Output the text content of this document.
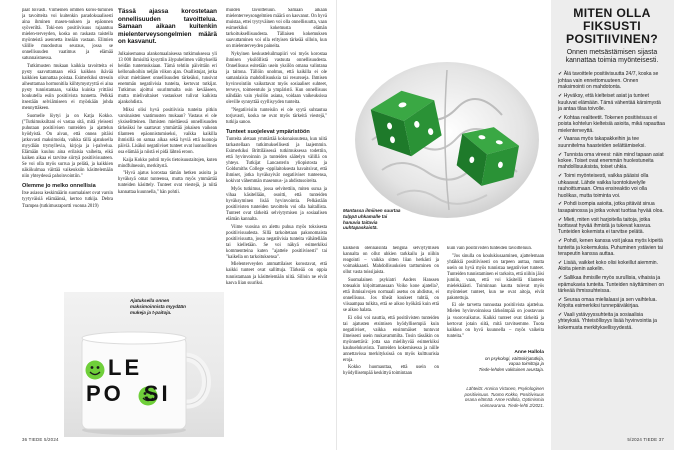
paat loivasti. Viimeinen ommen koros-tuminen ja tavoitteita voi kuitenkin paradoksaalisesti aina ihminen masen-nuksen ja epäonnen syöveriltä. Toki-nen positiivisuus rajaantuu mielen-terveyden, koska on raskasta taistella myönteistä asennetta itseään vastaan. Elimien välille muodostuu seuraus, jossa se onnellisuuden vaatimus ja elämää satunnaistuessa.

Tutkimusten mukaan kaikkia tavoitteita ei pysty saavuttamaan eikä kaikkea ikävää kaikkien kannattaa poistaa. Esimerkiksi stressin aiheuttamaa hormonitila kiihtymystyyttä ei aina pysty tunnistamaan, vaikka kuinka yrittäisi houkutella esiin positiivista tunnetta. Pelkkä itsestään selviämiseen ei myöskään johda mennyttäkeen.

Suomelle löytyi ja on Katja Kokko. ("Tutkimuksiltani ei vastaa sitä, mitä yleisesti puhutaan positiivisen tunteiden ja ajattelun hyödyistä. On aivan, että onnea pitäisi jatkuvasti maksimoida, vaikka tällä ajatuksella myydään trymyllevia, kirjoja ja i-palvelua. Elämään kuuluu aina erilaisia vaiheita, eikä kaiken aikaa ei tarvitse siirtyä positiivisuuteen. Se voi olla myös surrua ja pelätä, ja kaikkien näkökulmaa väittää vaikeuksiin käsittelemään niin yhteydessä pahoinvointiin."

Olemme jo melko onnellisia

Itse asiassa keskimäärin suomalaiset ovat varsin tyytyväisiä elämäänsä, kertoo tutkija. Debra Trampea (tutkimusraportti vuonna 2019)

Tässä ajassa korostetaan onnellisuuden tavoittelua. Samaan aikaan kuitenkin mielenterveysongelmien määrä on kasvanut.

Julkaisemansa alankomaalaisessa tutkimuksessa yli 13 000 ihmisiltä kysyttiin älypuhelimen välityksellä heidän tuntemuksiaan. Tämä tehtiin päivittäin eri kellonaikoihin neljän viikon ajan. Osallistujat, jotka olivat mieltäneet onnellisuuden tärkeäksi, tunsivat enemmän negatiivisia tunteita, kertovat tutkijat. Tutkimus ajoittui suurimmalta osin kevääseen, mutta mielivaltaiset vastaukset tulivat kaikista ajankohdista.

Miksi olisi hyvä positiivisia tunteita pitkin varsinaisten vaatimusten mukaan? Vastaus ei ole yksiselitteinen. Ihmisten mieltäessä onnellisuuden tärkeäksi he saattavat ymmärtää jokaisen vaikean tilanteen epäonnistumiseksi, vaikka kaikilla ihmisillä on samaa aikaa sekä hyviä että huonoja päiviä. Lisäksi negatiiviset tunteet ovat luonnollinen osa elämää ja niistä ei pidä lähteä eroon.

Kaija Kokko pohtii myös tietoisuustaitojen, kuten mindfulnessin, merkitystä.

"Hyvä ajatus korostaa tämän hetken asioita ja hyväksyä omat tunteensa, mutta myös ymmärtää tunteiden käsittely. Tunteet ovat viestejä, ja niitä kannattaa kuunnella," hän pohtii.

Ajatuksella onnen maksimoinnista myydään mukeja ja t-paitoja.
LE
PO SI

muiden tavoitteluun. Samaan aikaan mielenterveysongelmien määrä on kasvanut. On hyvä muistaa, ettei tyytyväinen voi olla onnellisuutta, vaan esimerkiksi kokemusta elämän tarkoituksellisuudesta. Tällaisen kokemuksen saavuttaminen voi olla erityisen tärkeää silloin, kun on mielenterveyden paineita.

Nykyinen keskusteluilmapiiri voi myös korostaa ihmisen yksilöllistä vastuuta onnellisuudesta. Onnellisuus esitetään usein yksilön omana valintana ja taitona. Tällöin unohtuu, että kaikilla ei ole samanlaisia mahdollisuuksia tai resursseja. Ihmisen hyvinvointiin vaikuttavat myös sosiaaliset suhteet, terveys, toimeentulo ja ympäristö. Kun onnellisuus nähdään vain yksilön asiana, voidaan vaikeuksissa oleville synnyttää syyllisyyden tunteita.

"Negatiivisiin tunteisiin ei ole syytä suhtautua torjuvasti, koska ne ovat myös tärkeitä viestejä," tutkija sanoo.

Tunteet suojelevat ympäristöön

Tunteita aletaan ymmärtää kokonaisuutena, kun niitä tarkastellaan tutkimuksellisesti ja laajemmin. Esimerkiksi Brittiläisessä tutkimuksessa todettiin, että hyvinvoinnin ja tunteiden säätelyn välillä on yhteys. Tutkijat Lancasterin yliopistosta ja Goldsmiths College -oppilaitoksesta havaitsivat, että ihmiset, jotka hyväksyivät negatiiviset tunteensa, kokivat vähemmän masennus- ja ahdistusoireita.

Myös tutkimus, jossa selvitettiin, miten surua ja vihaa käsitellään, osoitti, että tunteiden hyväksyminen lisää hyvinvointia. Pelkästään positiivisten tunteiden tavoittelu voi olla haitallista. Tunteet ovat tärkeitä selviytymisen ja sosiaalisen elämän kannalta.

Viime vuosina on alettu puhua myös toksisesta positiivisuudesta. Sillä tarkoitetaan pakonomaista positiivisuutta, jossa negatiivisia tunteita vähätellään tai kielletään. Se voi näkyä esimerkiksi kommentteina kuten "ajattele positiivisesti" tai "kaikella on tarkoituksensa".

Mielenterveyden ammattilaiset korostavat, että kaikki tunteet ovat sallittuja. Tärkeää on oppia tunnistamaan ja käsittelemään niitä. Silloin ne eivät kasva liian suuriksi.

36 TIEDE 5/2024
Mantassa ilmiinen suurtaa tulppä uhkamalle tai hanuvia taitavia uuhtapaskaistä.

kaikkein olennaisinta henginä selviytymisen kannalta on ollut uhkien tarkkailu ja niihin reagointi – vaikka sitten liian herkästi ja voimakkaasti. Mahdollisuuksien tarttuminen on ollut vasta toissijaista.

Suomalainen psykiatri Anders Hanssen toteaakin kirjoittamassaan Voiko kone ajatella?, että ihmisaivojen normaali asetus on ahdistus, ei onnellisuus. Jos tiheät koukeet tuhtiä, on viisaampaa tulkita, että se aikoo hyökätä kuin että se aikoo halata.

Ei olisi voi nauttia, että positiivisten tunteiden tai ajatusten etsimisen hyödyllisempiä kuin negatiiviset, vaikka ensimmäiset tuntuvat ilmeisesti usein mukavammilta. Tosin tässäkin on myönnettävä: jotta saa mielihyvää esimerkiksi kauhuelokuvista. Tunteiden kokemisessa ja niille annettavissa merkityksissä on myös kulttuurisia eroja.

Kokko huomauttaa, että usein on hyödyllisempää keskittyä toimintaan

kuin vain positiivisten tunteiden tavoitteluun.

"Jos sinulla on koulukiusaaminen, ajattelemaan yhtäkkiä positiivisesti on tarpeen auttaa, mutta usein on hyvä myös tunnistaa negatiiviset tunteet. Tunteiden tunnistaminen ei tarkoita, että niihin jäisi jumiin, vaan, että voi käsitellä tilanteen mielekkäästi. Toiminnan kautta tulevat myös myönteiset tunteet, kun ne ovat aitoja, eivät pakotettuja.

Ei ole tarvetta tunnustaa positiivista ajattelua. Mielen hyvinvoinnissa tärkeämpää on joustavuus ja vuorovaikutus. Kaikki tunteet ovat tärkeitä ja kertovat jotain siitä, mitä tarvitsemme. Tuota kaikkea on hyvä kuunnella – myös vaikeita tunteita."

Anne Hallola
on psykologi, väitöskirjatutkija,
vapaa toimittaja ja
Tiede-lehden vakituinen avustaja.
Lähteitä: Annina Virtanen, Psykologinen
positiivisuus. Tuomo Kokko, Positiivisuus
osana elämää. Anne Hallola, Optimismia
voimavarana. Tiede-lehti 2/2021.
MITEN OLLA FIKSUSTI POSITIIVINEN?
Onnen metsästämisen sijasta kannattaa toimia myönteisesti.
✓ Älä tavoittele positiivisuutta 24/7, koska se johtaa vain ennettomuuteen. Onnen maksimointi on mahdotonta.
✓ Hyväksy, että kielteiset asiat ja tunteet kuuluvat elämään. Tämä vähentää kärsimystä ja antaa tilaa toivolle.
✓ Kohtaa realiteetit. Tokenen positiivisuus ei poista kohtelun kielteisiä asioita, mikä rapauttaa mielenterveyttä.
✓ Vaaraa myös takapakkeihin ja tee suunnitelma haasteiden selättämiseksi.
✓ Tunnista oma vireesi: näin mind tapaan asiat kokee. Toiset ovat enemmän huolestuneita mahdollisuuksista, toiset uhkia.
✓ Toimi myönteisesti, vaikka pääsisi olla uhkaavat. Lähde vaikka luontokävelylle rauhoittumaan. Oma ensireaktio voi olla huolikas, mutta toiminta voi.
✓ Pohdi isompia asioita, jotka pitävät sinua tasapainossa ja jotka voivat tuottaa hyvää oloa.
✓ Mieti, miten voit harjoitella taitoja, jotka tuottavat hyvää ihmistä ja tukevat kasvua. Tunteiden kokemista ei tarvitse pelätä.
✓ Pohdi, kenen kanssa voit jakaa myös kipeitä tunteita ja kokemuksia. Puhuminen ystävien tai terapeutin kanssa auttaa.
✓ Lisää, vaikket koko olisi kokeillut aiemmin. Aloita pienin askelin.
✓ Sallikaa ihmisille myös surullisia, vihaisia ja epämukavia tunteita. Tunteiden näyttäminen on tärkeää ihmissuhteissa.
✓ Seuraa omaa mielialaasi ja sen vaihtelua. Kirjoita esimerkiksi tunnepäiväkirjaa.
✓ Vaali ystävyyssuhteita ja sosiaalisia yhteyksiä. Yhteisöllisyys lisää hyvinvointia ja kokemusta merkityksellisyydestä.
5/2024 TIEDE 37
